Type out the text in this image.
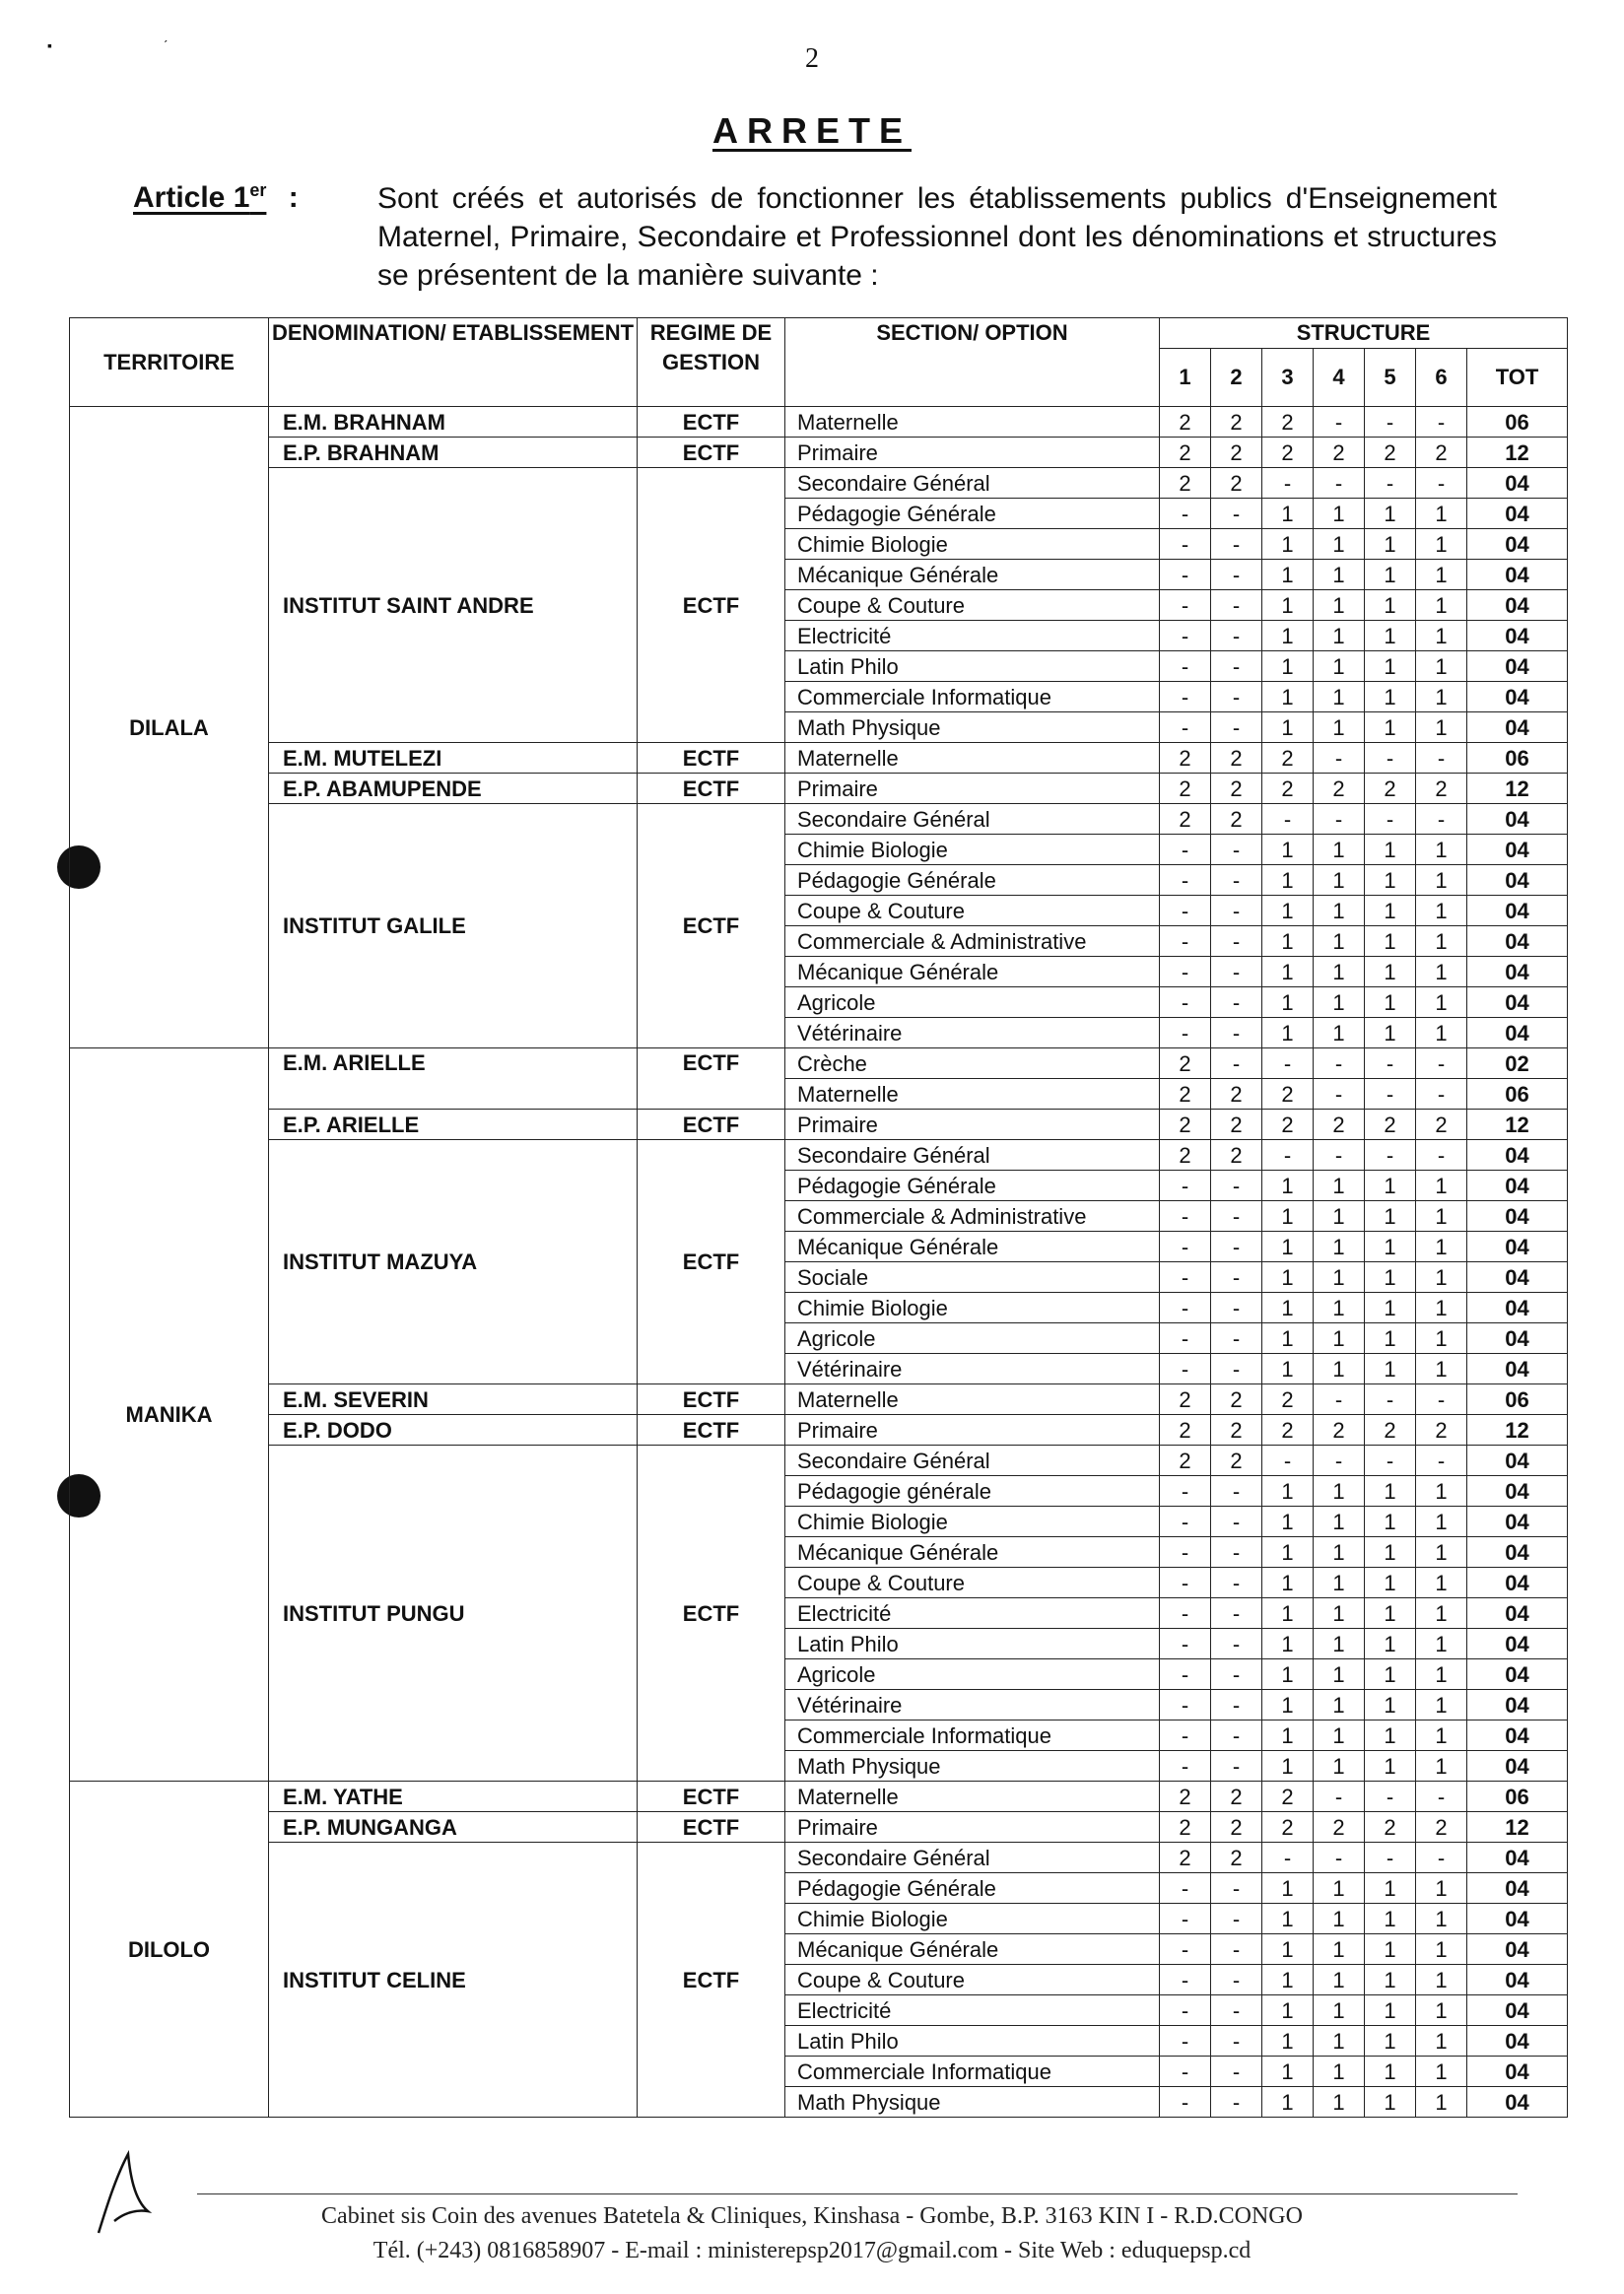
▪                             ˊ	2
ARRETE
Article 1er :	Sont créés et autorisés de fonctionner les établissements publics d'Enseignement Maternel, Primaire, Secondaire et Professionnel dont les dénominations et structures se présentent de la manière suivante :
TERRITOIRE	DENOMINATION/ ETABLISSEMENT	REGIME DE GESTION	SECTION/ OPTION	STRUCTURE						
				1	2	3	4	5	6	TOT
DILALA	E.M. BRAHNAM	ECTF	Maternelle	2	2	2	-	-	-	06
	E.P. BRAHNAM	ECTF	Primaire	2	2	2	2	2	2	12
	INSTITUT SAINT ANDRE	ECTF	Secondaire Général	2	2	-	-	-	-	04
			Pédagogie Générale	-	-	1	1	1	1	04
			Chimie Biologie	-	-	1	1	1	1	04
			Mécanique Générale	-	-	1	1	1	1	04
			Coupe & Couture	-	-	1	1	1	1	04
			Electricité	-	-	1	1	1	1	04
			Latin Philo	-	-	1	1	1	1	04
			Commerciale Informatique	-	-	1	1	1	1	04
			Math Physique	-	-	1	1	1	1	04
	E.M. MUTELEZI	ECTF	Maternelle	2	2	2	-	-	-	06
	E.P. ABAMUPENDE	ECTF	Primaire	2	2	2	2	2	2	12
	INSTITUT GALILE	ECTF	Secondaire Général	2	2	-	-	-	-	04
			Chimie Biologie	-	-	1	1	1	1	04
			Pédagogie Générale	-	-	1	1	1	1	04
			Coupe & Couture	-	-	1	1	1	1	04
			Commerciale & Administrative	-	-	1	1	1	1	04
			Mécanique Générale	-	-	1	1	1	1	04
			Agricole	-	-	1	1	1	1	04
			Vétérinaire	-	-	1	1	1	1	04
MANIKA	E.M. ARIELLE	ECTF	Crèche	2	-	-	-	-	-	02
			Maternelle	2	2	2	-	-	-	06
	E.P. ARIELLE	ECTF	Primaire	2	2	2	2	2	2	12
	INSTITUT MAZUYA	ECTF	Secondaire Général	2	2	-	-	-	-	04
			Pédagogie Générale	-	-	1	1	1	1	04
			Commerciale & Administrative	-	-	1	1	1	1	04
			Mécanique Générale	-	-	1	1	1	1	04
			Sociale	-	-	1	1	1	1	04
			Chimie Biologie	-	-	1	1	1	1	04
			Agricole	-	-	1	1	1	1	04
			Vétérinaire	-	-	1	1	1	1	04
	E.M. SEVERIN	ECTF	Maternelle	2	2	2	-	-	-	06
	E.P. DODO	ECTF	Primaire	2	2	2	2	2	2	12
	INSTITUT PUNGU	ECTF	Secondaire Général	2	2	-	-	-	-	04
			Pédagogie générale	-	-	1	1	1	1	04
			Chimie Biologie	-	-	1	1	1	1	04
			Mécanique Générale	-	-	1	1	1	1	04
			Coupe & Couture	-	-	1	1	1	1	04
			Electricité	-	-	1	1	1	1	04
			Latin Philo	-	-	1	1	1	1	04
			Agricole	-	-	1	1	1	1	04
			Vétérinaire	-	-	1	1	1	1	04
			Commerciale Informatique	-	-	1	1	1	1	04
			Math Physique	-	-	1	1	1	1	04
DILOLO	E.M. YATHE	ECTF	Maternelle	2	2	2	-	-	-	06
	E.P. MUNGANGA	ECTF	Primaire	2	2	2	2	2	2	12
	INSTITUT CELINE	ECTF	Secondaire Général	2	2	-	-	-	-	04
			Pédagogie Générale	-	-	1	1	1	1	04
			Chimie Biologie	-	-	1	1	1	1	04
			Mécanique Générale	-	-	1	1	1	1	04
			Coupe & Couture	-	-	1	1	1	1	04
			Electricité	-	-	1	1	1	1	04
			Latin Philo	-	-	1	1	1	1	04
			Commerciale Informatique	-	-	1	1	1	1	04
			Math Physique	-	-	1	1	1	1	04
Cabinet sis Coin des avenues Batetela & Cliniques, Kinshasa - Gombe, B.P. 3163 KIN I - R.D.CONGO
Tél. (+243) 0816858907 - E-mail : ministerepsp2017@gmail.com - Site Web : eduquepsp.cd
